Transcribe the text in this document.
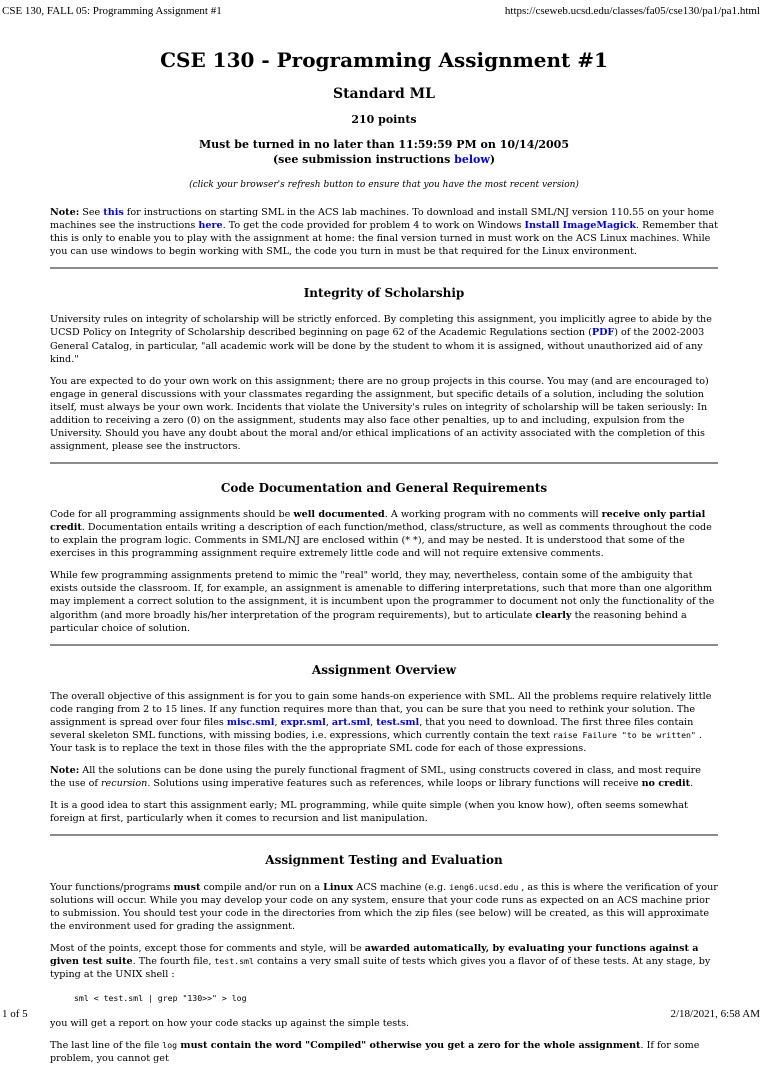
CSE 130, FALL 05: Programming Assignment #1	https://cseweb.ucsd.edu/classes/fa05/cse130/pa1/pa1.html
CSE 130 - Programming Assignment #1
Standard ML
210 points
Must be turned in no later than 11:59:59 PM on 10/14/2005
(see submission instructions below)
(click your browser's refresh button to ensure that you have the most recent version)

Note: See this for instructions on starting SML in the ACS lab machines. To download and install SML/NJ version 110.55 on your home machines see the instructions here. To get the code provided for problem 4 to work on Windows Install ImageMagick. Remember that this is only to enable you to play with the assignment at home: the final version turned in must work on the ACS Linux machines. While you can use windows to begin working with SML, the code you turn in must be that required for the Linux environment.

Integrity of Scholarship

University rules on integrity of scholarship will be strictly enforced. By completing this assignment, you implicitly agree to abide by the UCSD Policy on Integrity of Scholarship described beginning on page 62 of the Academic Regulations section (PDF) of the 2002-2003 General Catalog, in particular, "all academic work will be done by the student to whom it is assigned, without unauthorized aid of any kind."

You are expected to do your own work on this assignment; there are no group projects in this course. You may (and are encouraged to) engage in general discussions with your classmates regarding the assignment, but specific details of a solution, including the solution itself, must always be your own work. Incidents that violate the University's rules on integrity of scholarship will be taken seriously: In addition to receiving a zero (0) on the assignment, students may also face other penalties, up to and including, expulsion from the University. Should you have any doubt about the moral and/or ethical implications of an activity associated with the completion of this assignment, please see the instructors.

Code Documentation and General Requirements

Code for all programming assignments should be well documented. A working program with no comments will receive only partial credit. Documentation entails writing a description of each function/method, class/structure, as well as comments throughout the code to explain the program logic. Comments in SML/NJ are enclosed within (* *), and may be nested. It is understood that some of the exercises in this programming assignment require extremely little code and will not require extensive comments.

While few programming assignments pretend to mimic the "real" world, they may, nevertheless, contain some of the ambiguity that exists outside the classroom. If, for example, an assignment is amenable to differing interpretations, such that more than one algorithm may implement a correct solution to the assignment, it is incumbent upon the programmer to document not only the functionality of the algorithm (and more broadly his/her interpretation of the program requirements), but to articulate clearly the reasoning behind a particular choice of solution.

Assignment Overview

The overall objective of this assignment is for you to gain some hands-on experience with SML. All the problems require relatively little code ranging from 2 to 15 lines. If any function requires more than that, you can be sure that you need to rethink your solution. The assignment is spread over four files misc.sml, expr.sml, art.sml, test.sml, that you need to download. The first three files contain several skeleton SML functions, with missing bodies, i.e. expressions, which currently contain the text raise Failure "to be written" . Your task is to replace the text in those files with the the appropriate SML code for each of those expressions.

Note: All the solutions can be done using the purely functional fragment of SML, using constructs covered in class, and most require the use of recursion. Solutions using imperative features such as references, while loops or library functions will receive no credit.

It is a good idea to start this assignment early; ML programming, while quite simple (when you know how), often seems somewhat foreign at first, particularly when it comes to recursion and list manipulation.

Assignment Testing and Evaluation

Your functions/programs must compile and/or run on a Linux ACS machine (e.g. ieng6.ucsd.edu , as this is where the verification of your solutions will occur. While you may develop your code on any system, ensure that your code runs as expected on an ACS machine prior to submission. You should test your code in the directories from which the zip files (see below) will be created, as this will approximate the environment used for grading the assignment.

Most of the points, except those for comments and style, will be awarded automatically, by evaluating your functions against a given test suite. The fourth file, test.sml contains a very small suite of tests which gives you a flavor of of these tests. At any stage, by typing at the UNIX shell :

sml < test.sml | grep "130>>" > log

you will get a report on how your code stacks up against the simple tests.

The last line of the file log must contain the word "Compiled" otherwise you get a zero for the whole assignment. If for some problem, you cannot get

1 of 5	2/18/2021, 6:58 AM
